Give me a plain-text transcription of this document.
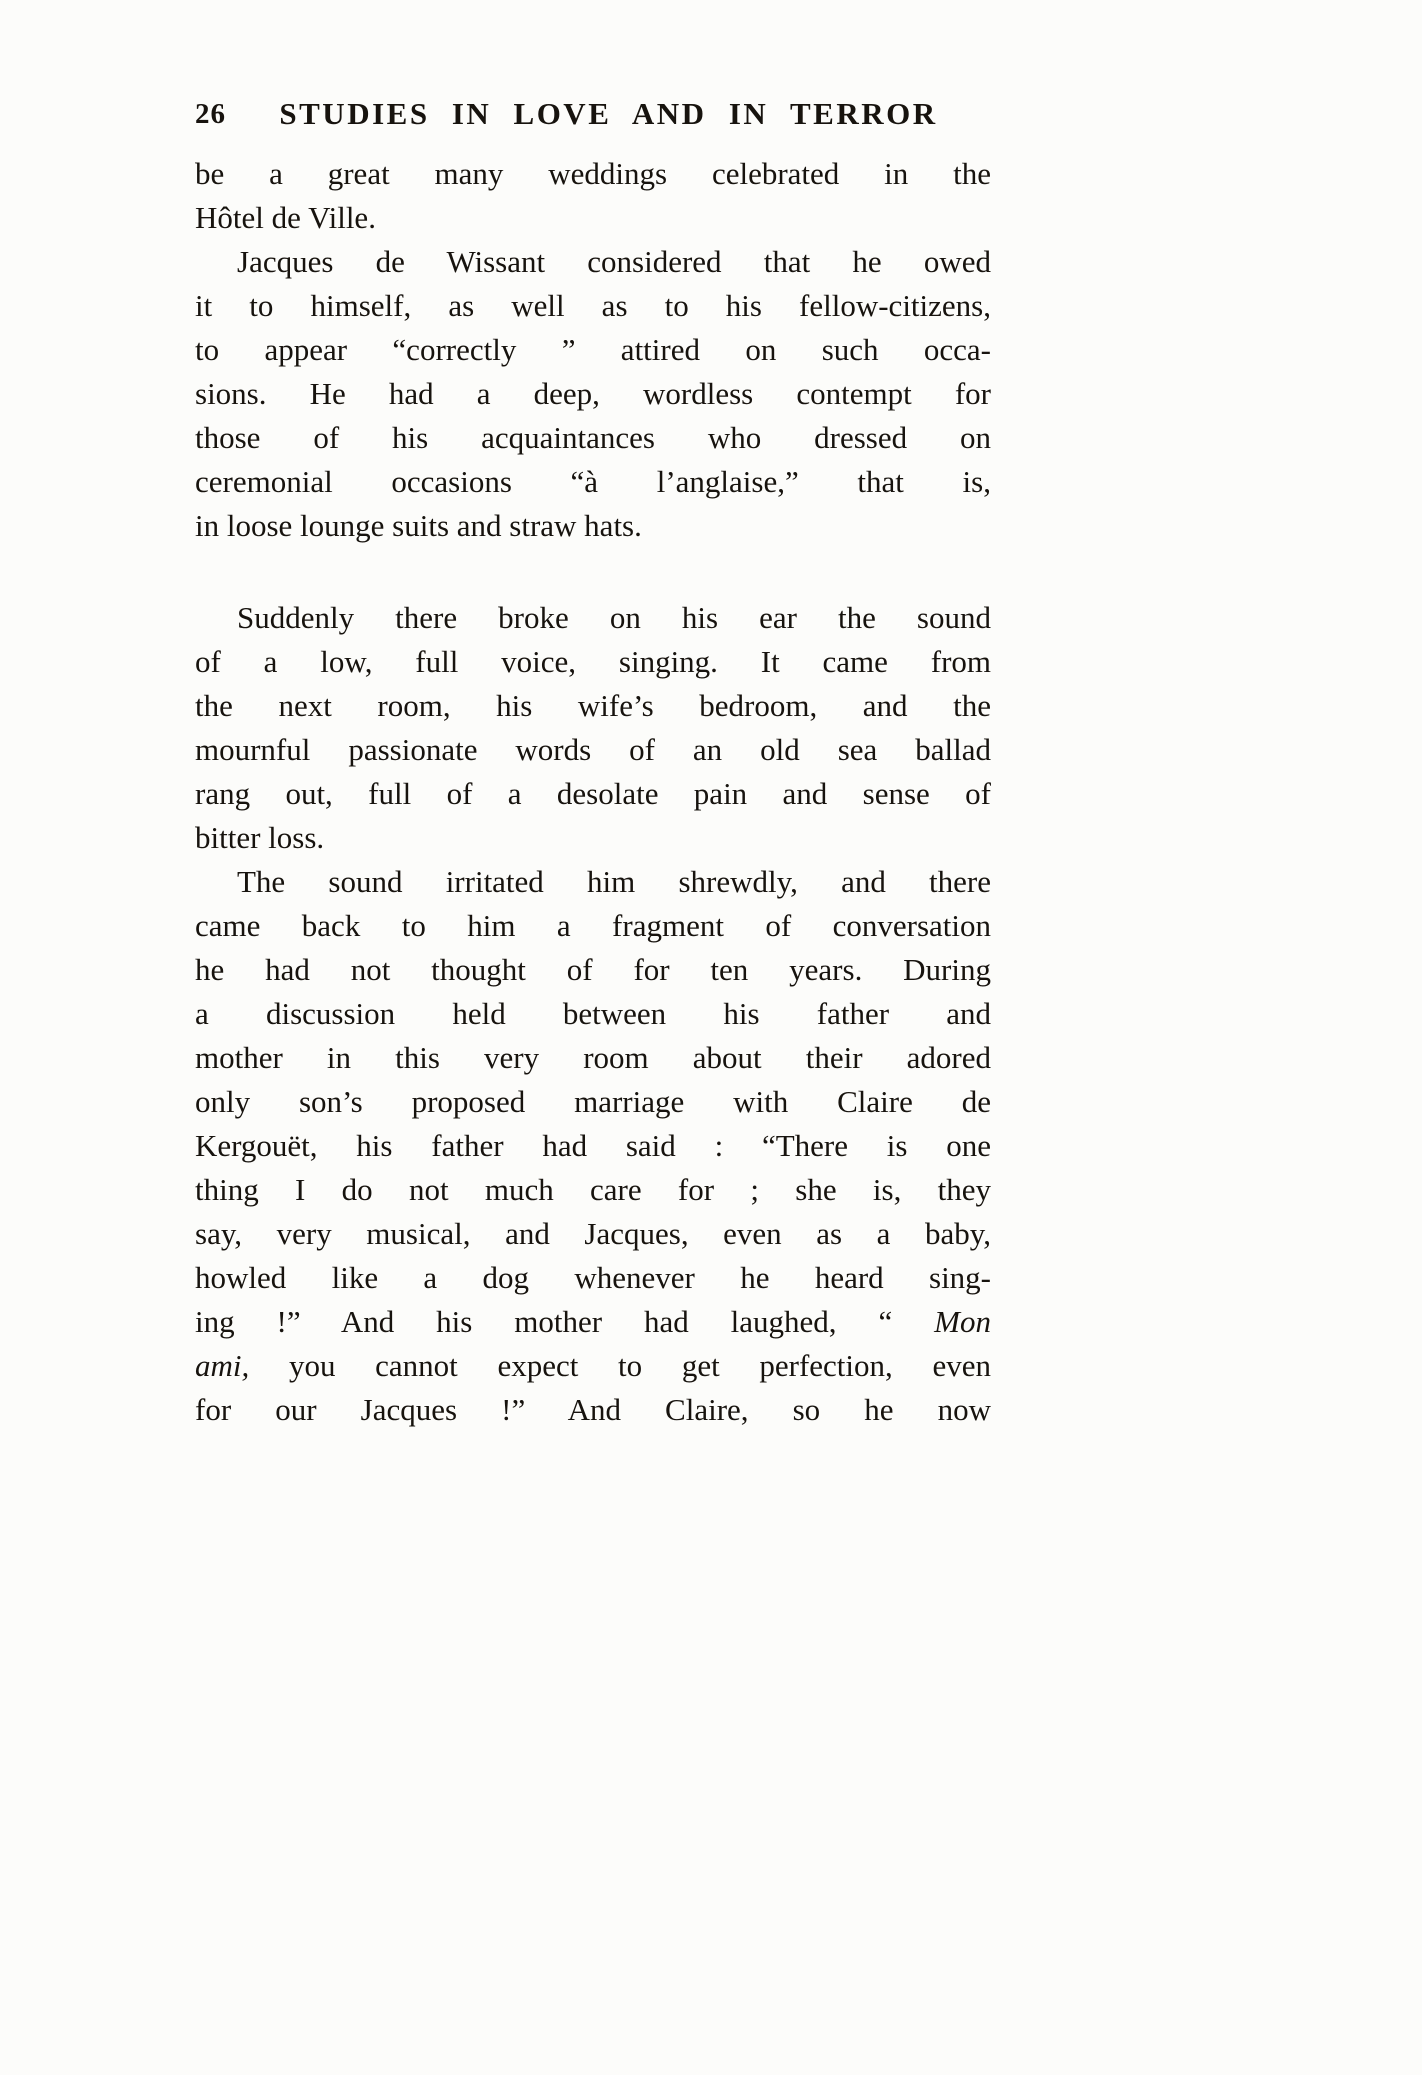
26 STUDIES IN LOVE AND IN TERROR

be a great many weddings celebrated in the
Hôtel de Ville.

Jacques de Wissant considered that he owed
it to himself, as well as to his fellow-citizens,
to appear “correctly ” attired on such occa-
sions. He had a deep, wordless contempt for
those of his acquaintances who dressed on
ceremonial occasions “à l’anglaise,” that is,
in loose lounge suits and straw hats.

Suddenly there broke on his ear the sound
of a low, full voice, singing. It came from
the next room, his wife’s bedroom, and the
mournful passionate words of an old sea ballad
rang out, full of a desolate pain and sense of
bitter loss.

The sound irritated him shrewdly, and there
came back to him a fragment of conversation
he had not thought of for ten years. During
a discussion held between his father and
mother in this very room about their adored
only son’s proposed marriage with Claire de
Kergouët, his father had said : “There is one
thing I do not much care for ; she is, they
say, very musical, and Jacques, even as a baby,
howled like a dog whenever he heard sing-
ing !” And his mother had laughed, “ Mon
ami, you cannot expect to get perfection, even
for our Jacques !” And Claire, so he now
